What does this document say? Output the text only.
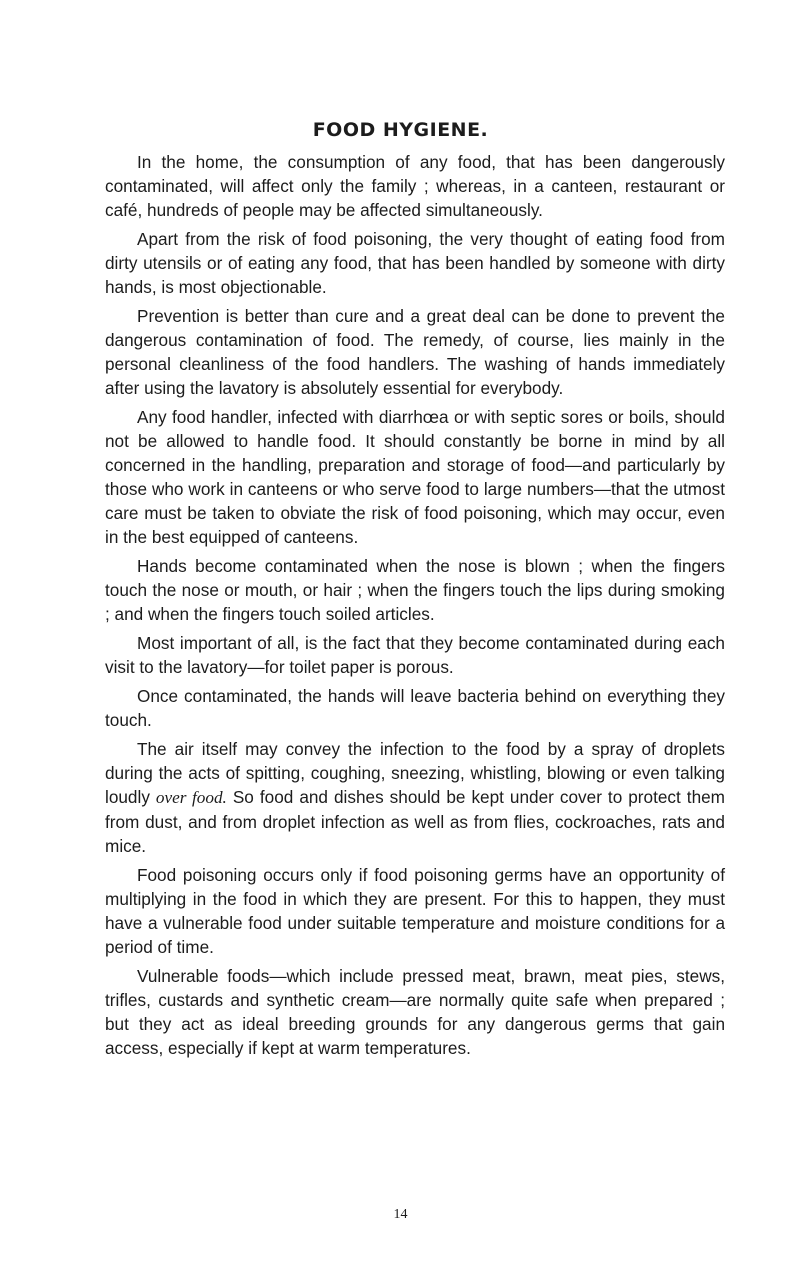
FOOD HYGIENE.

In the home, the consumption of any food, that has been dangerously contaminated, will affect only the family ; whereas, in a canteen, restaurant or café, hundreds of people may be affected simultaneously.

Apart from the risk of food poisoning, the very thought of eating food from dirty utensils or of eating any food, that has been handled by someone with dirty hands, is most objectionable.

Prevention is better than cure and a great deal can be done to prevent the dangerous contamination of food. The remedy, of course, lies mainly in the personal cleanliness of the food handlers. The washing of hands immediately after using the lavatory is absolutely essential for everybody.

Any food handler, infected with diarrhœa or with septic sores or boils, should not be allowed to handle food. It should constantly be borne in mind by all concerned in the handling, preparation and storage of food—and particularly by those who work in canteens or who serve food to large numbers—that the utmost care must be taken to obviate the risk of food poisoning, which may occur, even in the best equipped of canteens.

Hands become contaminated when the nose is blown ; when the fingers touch the nose or mouth, or hair ; when the fingers touch the lips during smoking ; and when the fingers touch soiled articles.

Most important of all, is the fact that they become contaminated during each visit to the lavatory—for toilet paper is porous.

Once contaminated, the hands will leave bacteria behind on everything they touch.

The air itself may convey the infection to the food by a spray of droplets during the acts of spitting, coughing, sneezing, whistling, blowing or even talking loudly over food. So food and dishes should be kept under cover to protect them from dust, and from droplet infection as well as from flies, cockroaches, rats and mice.

Food poisoning occurs only if food poisoning germs have an opportunity of multiplying in the food in which they are present. For this to happen, they must have a vulnerable food under suitable temperature and moisture conditions for a period of time.

Vulnerable foods—which include pressed meat, brawn, meat pies, stews, trifles, custards and synthetic cream—are normally quite safe when prepared ; but they act as ideal breeding grounds for any dangerous germs that gain access, especially if kept at warm temperatures.

14
